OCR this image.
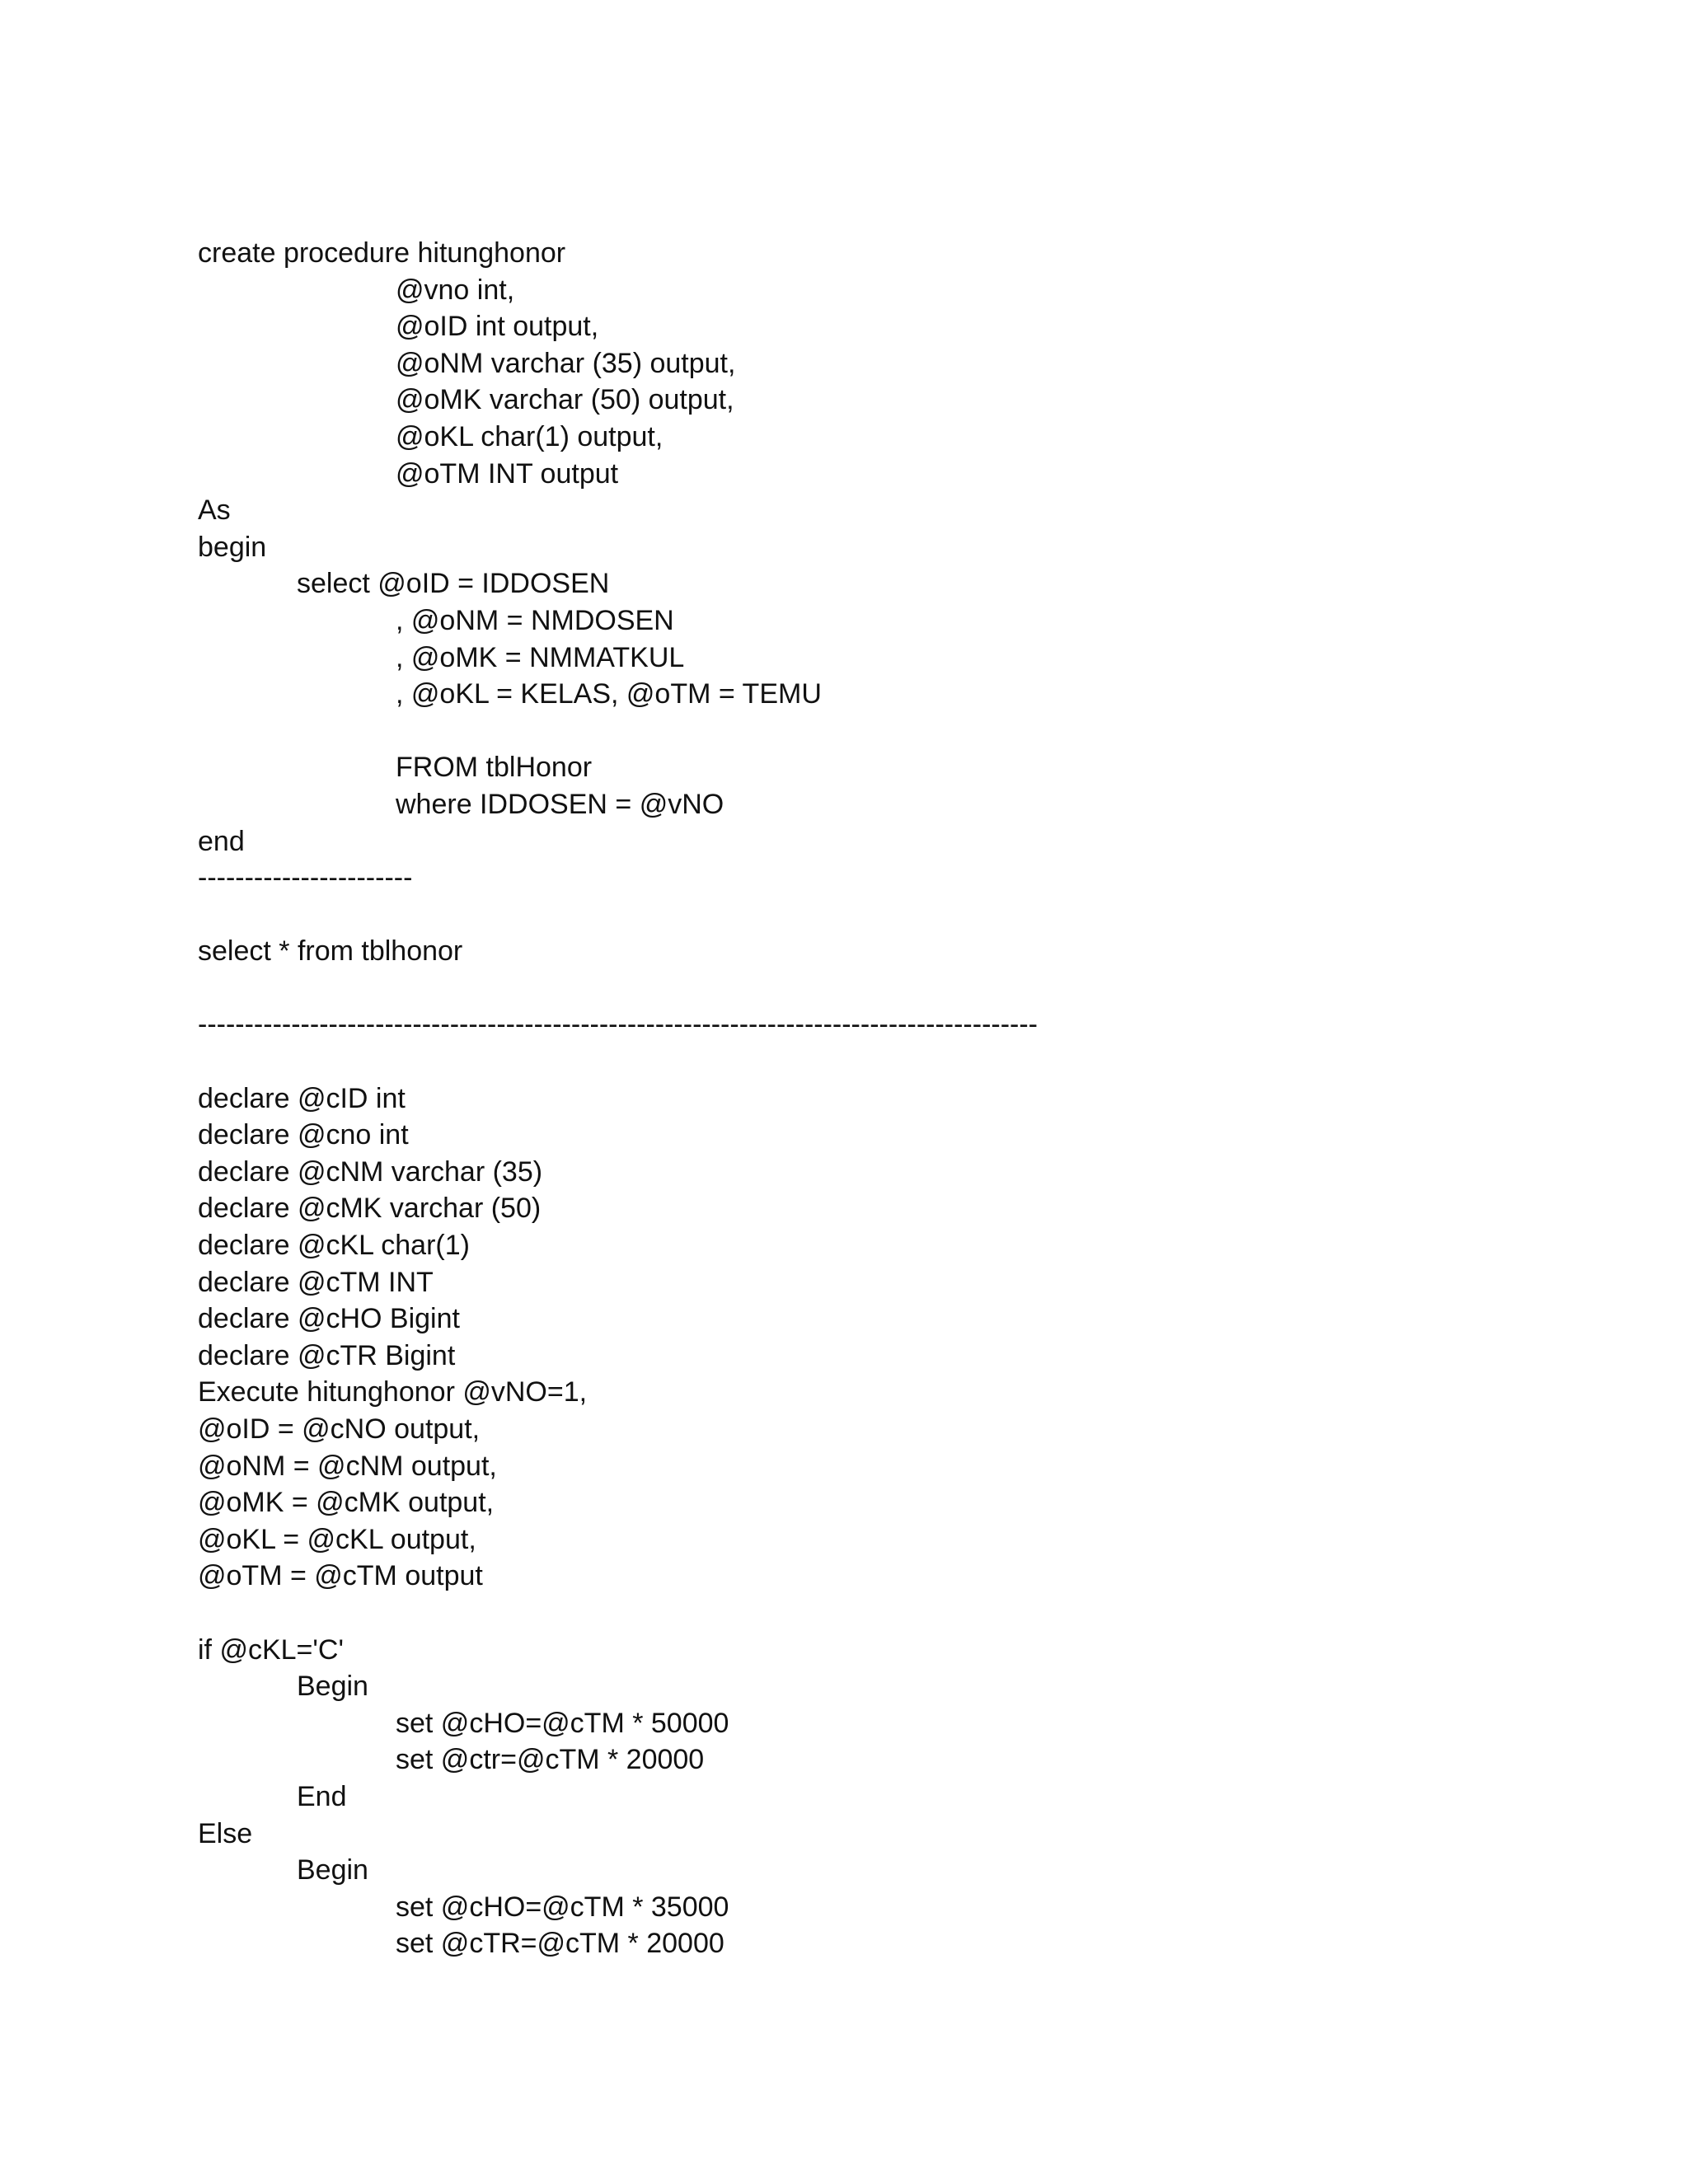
create procedure hitunghonor
@vno int,
@oID int output,
@oNM varchar (35) output,
@oMK varchar (50) output,
@oKL char(1) output,
@oTM INT output
As
begin
select @oID = IDDOSEN
, @oNM = NMDOSEN
, @oMK = NMMATKUL
, @oKL = KELAS, @oTM = TEMU
FROM tblHonor
where IDDOSEN = @vNO
end
-----------------------
select * from tblhonor
------------------------------------------------------------------------------------------
declare @cID int
declare @cno int
declare @cNM varchar (35)
declare @cMK varchar (50)
declare @cKL char(1)
declare @cTM INT
declare @cHO Bigint
declare @cTR Bigint
Execute hitunghonor @vNO=1,
@oID = @cNO output,
@oNM = @cNM output,
@oMK = @cMK output,
@oKL = @cKL output,
@oTM = @cTM output
if @cKL='C'
Begin
set @cHO=@cTM * 50000
set @ctr=@cTM * 20000
End
Else
Begin
set @cHO=@cTM * 35000
set @cTR=@cTM * 20000
